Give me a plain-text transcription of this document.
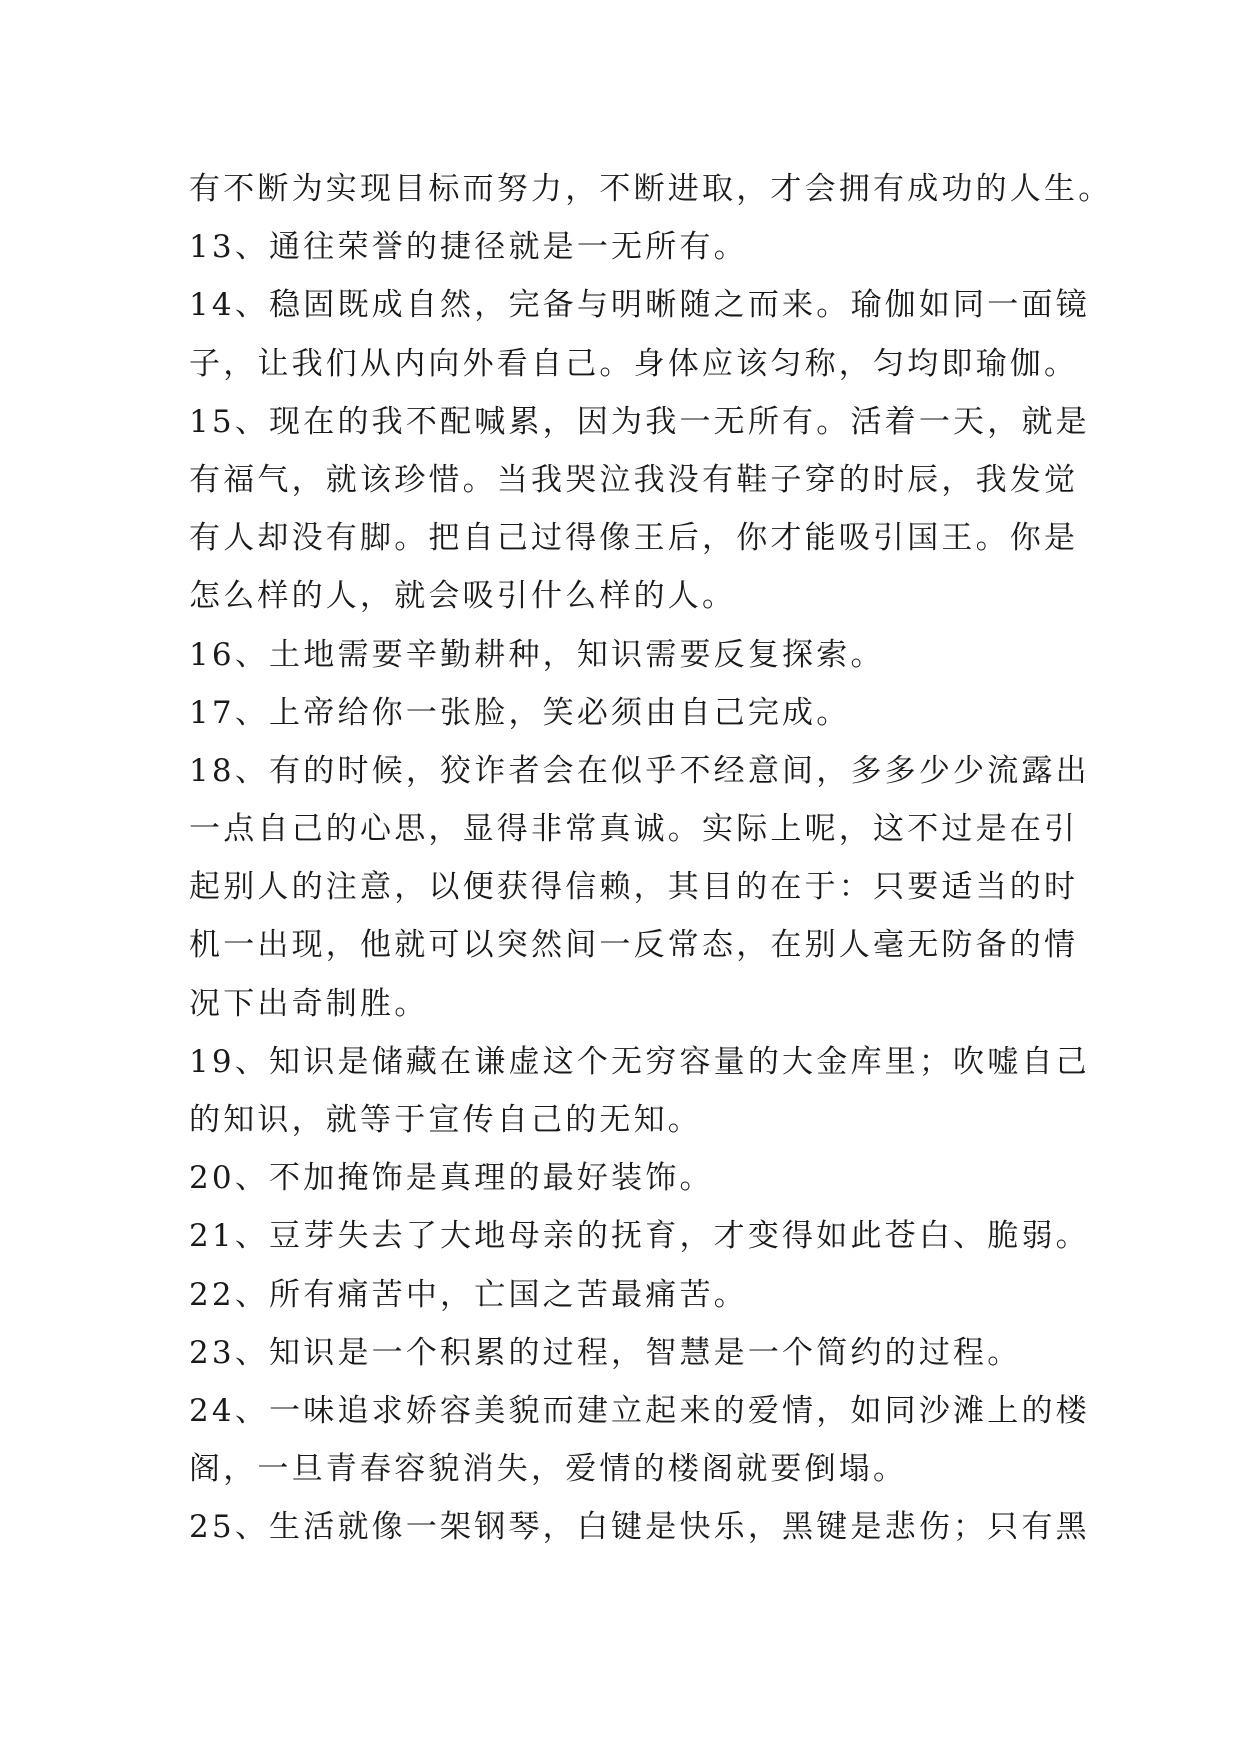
有不断为实现目标而努力，不断进取，才会拥有成功的人生。
13、通往荣誉的捷径就是一无所有。
14、稳固既成自然，完备与明晰随之而来。瑜伽如同一面镜
子，让我们从内向外看自己。身体应该匀称，匀均即瑜伽。
15、现在的我不配喊累，因为我一无所有。活着一天，就是
有福气，就该珍惜。当我哭泣我没有鞋子穿的时辰，我发觉
有人却没有脚。把自己过得像王后，你才能吸引国王。你是
怎么样的人，就会吸引什么样的人。
16、土地需要辛勤耕种，知识需要反复探索。
17、上帝给你一张脸，笑必须由自己完成。
18、有的时候，狡诈者会在似乎不经意间，多多少少流露出
一点自己的心思，显得非常真诚。实际上呢，这不过是在引
起别人的注意，以便获得信赖，其目的在于：只要适当的时
机一出现，他就可以突然间一反常态，在别人毫无防备的情
况下出奇制胜。
19、知识是储藏在谦虚这个无穷容量的大金库里；吹嘘自己
的知识，就等于宣传自己的无知。
20、不加掩饰是真理的最好装饰。
21、豆芽失去了大地母亲的抚育，才变得如此苍白、脆弱。
22、所有痛苦中，亡国之苦最痛苦。
23、知识是一个积累的过程，智慧是一个简约的过程。
24、一味追求娇容美貌而建立起来的爱情，如同沙滩上的楼
阁，一旦青春容貌消失，爱情的楼阁就要倒塌。
25、生活就像一架钢琴，白键是快乐，黑键是悲伤；只有黑
